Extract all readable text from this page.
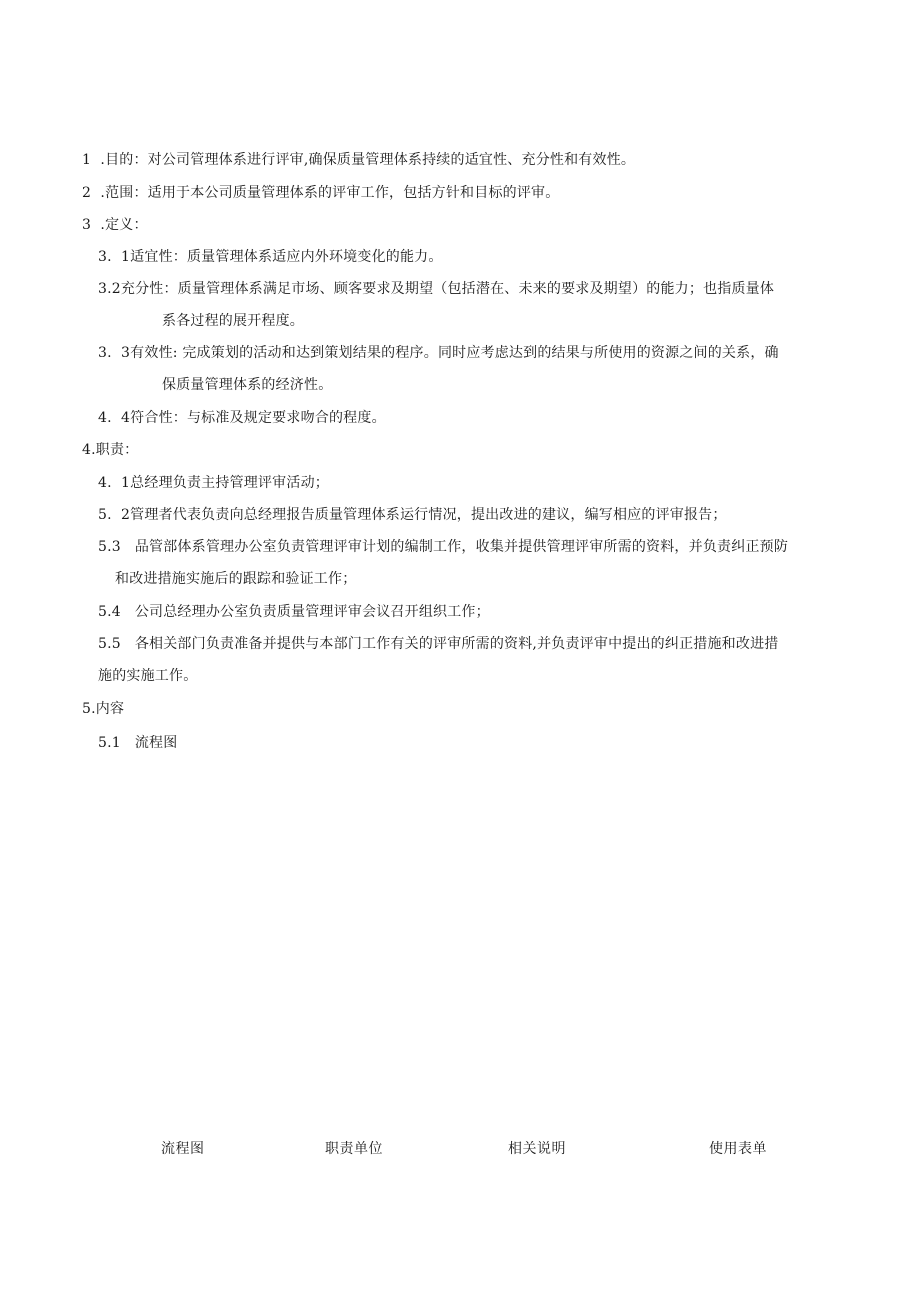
1  .目的：对公司管理体系进行评审,确保质量管理体系持续的适宜性、充分性和有效性。
2  .范围：适用于本公司质量管理体系的评审工作，包括方针和目标的评审。
3  .定义：
3.  1适宜性：质量管理体系适应内外环境变化的能力。
3.2充分性：质量管理体系满足市场、顾客要求及期望（包括潜在、未来的要求及期望）的能力；也指质量体
系各过程的展开程度。
3.  3有效性: 完成策划的活动和达到策划结果的程序。同时应考虑达到的结果与所使用的资源之间的关系，确
保质量管理体系的经济性。
4.  4符合性：与标准及规定要求吻合的程度。
4.职责：
4.  1总经理负责主持管理评审活动；
5.  2管理者代表负责向总经理报告质量管理体系运行情况，提出改进的建议，编写相应的评审报告；
5.3   品管部体系管理办公室负责管理评审计划的编制工作，收集并提供管理评审所需的资料，并负责纠正预防
和改进措施实施后的跟踪和验证工作；
5.4   公司总经理办公室负责质量管理评审会议召开组织工作；
5.5   各相关部门负责准备并提供与本部门工作有关的评审所需的资料,并负责评审中提出的纠正措施和改进措
施的实施工作。
5.内容
5.1   流程图
流程图	职责单位	相关说明	使用表单
